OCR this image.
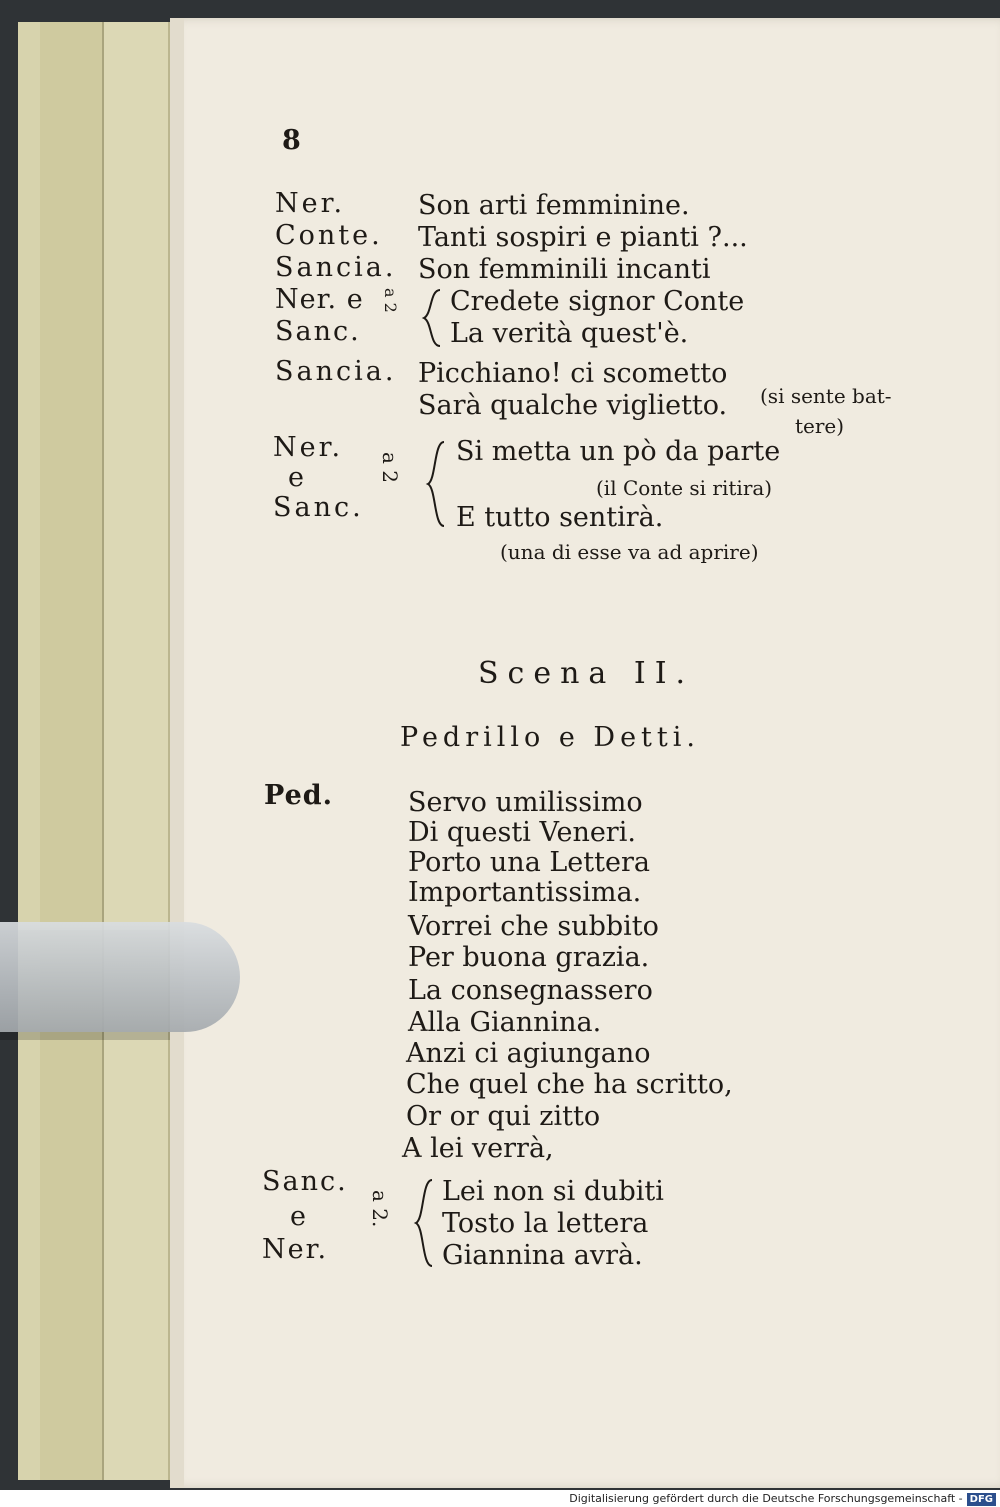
8
Ner.	Son arti femminine.
Conte. Tanti sospiri e pianti ?...
Sancia. Son femminili incanti
Ner. e
Sanc.
a 2 Credete signor Conte
La verità quest'è.
Sancia. Picchiano! ci scometto
(si sente bat-
Sarà qualche viglietto.
tere)
Ner.
e
Sanc.
a 2
Si metta un pò da parte
(il Conte si ritira)
E tutto sentirà.
(una di esse va ad aprire)
Scena II.
Pedrillo e Detti.
Ped.	Servo umilissimo
Di questi Veneri.
Porto una Lettera
Importantissima.
Vorrei che subbito
Per buona grazia.
La consegnassero
Alla Giannina.
Anzi ci agiungano
Che quel che ha scritto,
Or or qui zitto
A lei verrà,
Sanc.
e
Ner.
a 2. Lei non si dubiti
Tosto la lettera
Giannina avrà.
Digitalisierung gefördert durch die Deutsche Forschungsgemeinschaft - DFG
